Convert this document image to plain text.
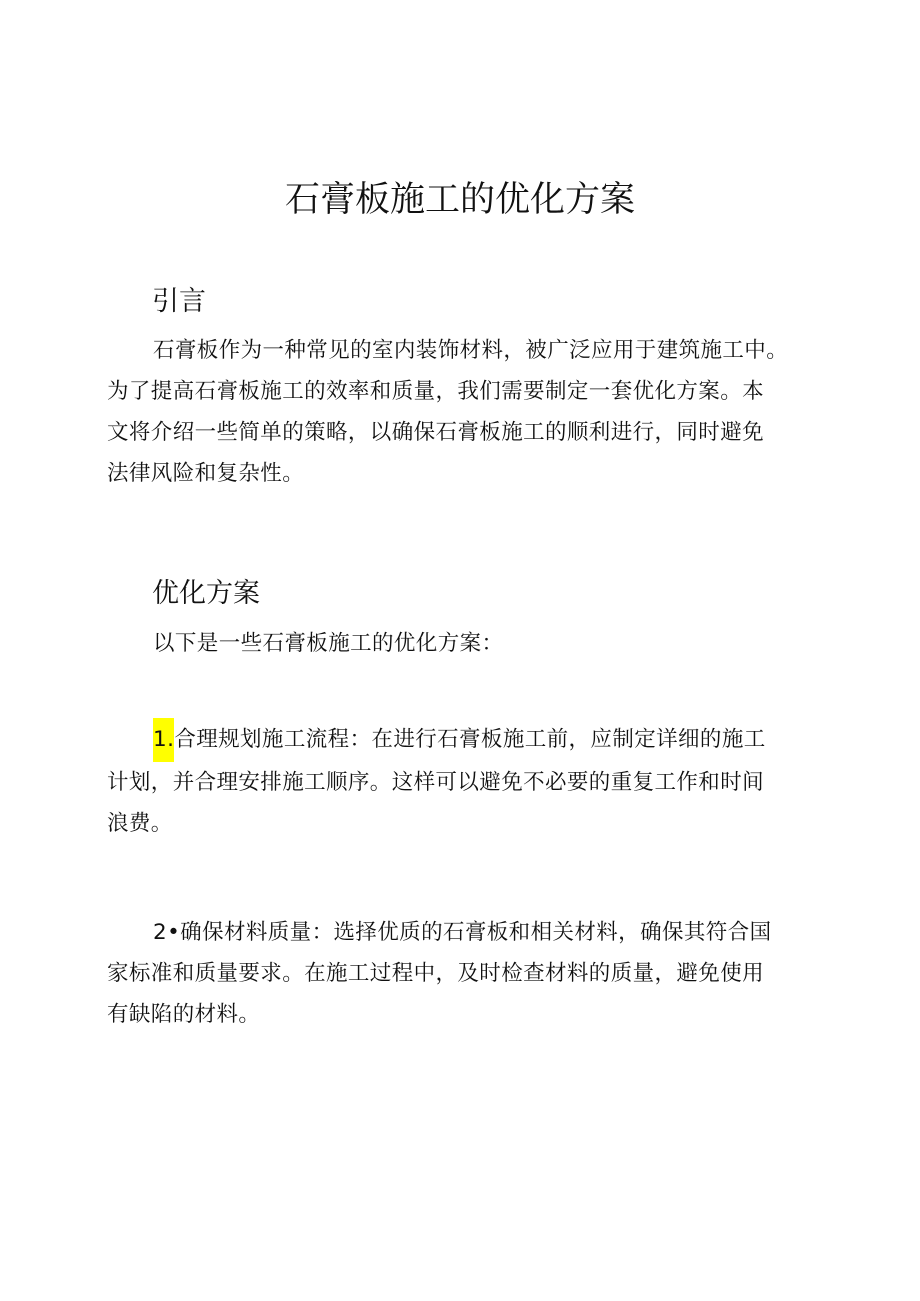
石膏板施工的优化方案
引言

石膏板作为一种常见的室内装饰材料，被广泛应用于建筑施工中。
为了提高石膏板施工的效率和质量，我们需要制定一套优化方案。本
文将介绍一些简单的策略，以确保石膏板施工的顺利进行，同时避免
法律风险和复杂性。

优化方案

以下是一些石膏板施工的优化方案：

1.合理规划施工流程：在进行石膏板施工前，应制定详细的施工
计划，并合理安排施工顺序。这样可以避免不必要的重复工作和时间
浪费。

2•确保材料质量：选择优质的石膏板和相关材料，确保其符合国
家标准和质量要求。在施工过程中，及时检查材料的质量，避免使用
有缺陷的材料。
